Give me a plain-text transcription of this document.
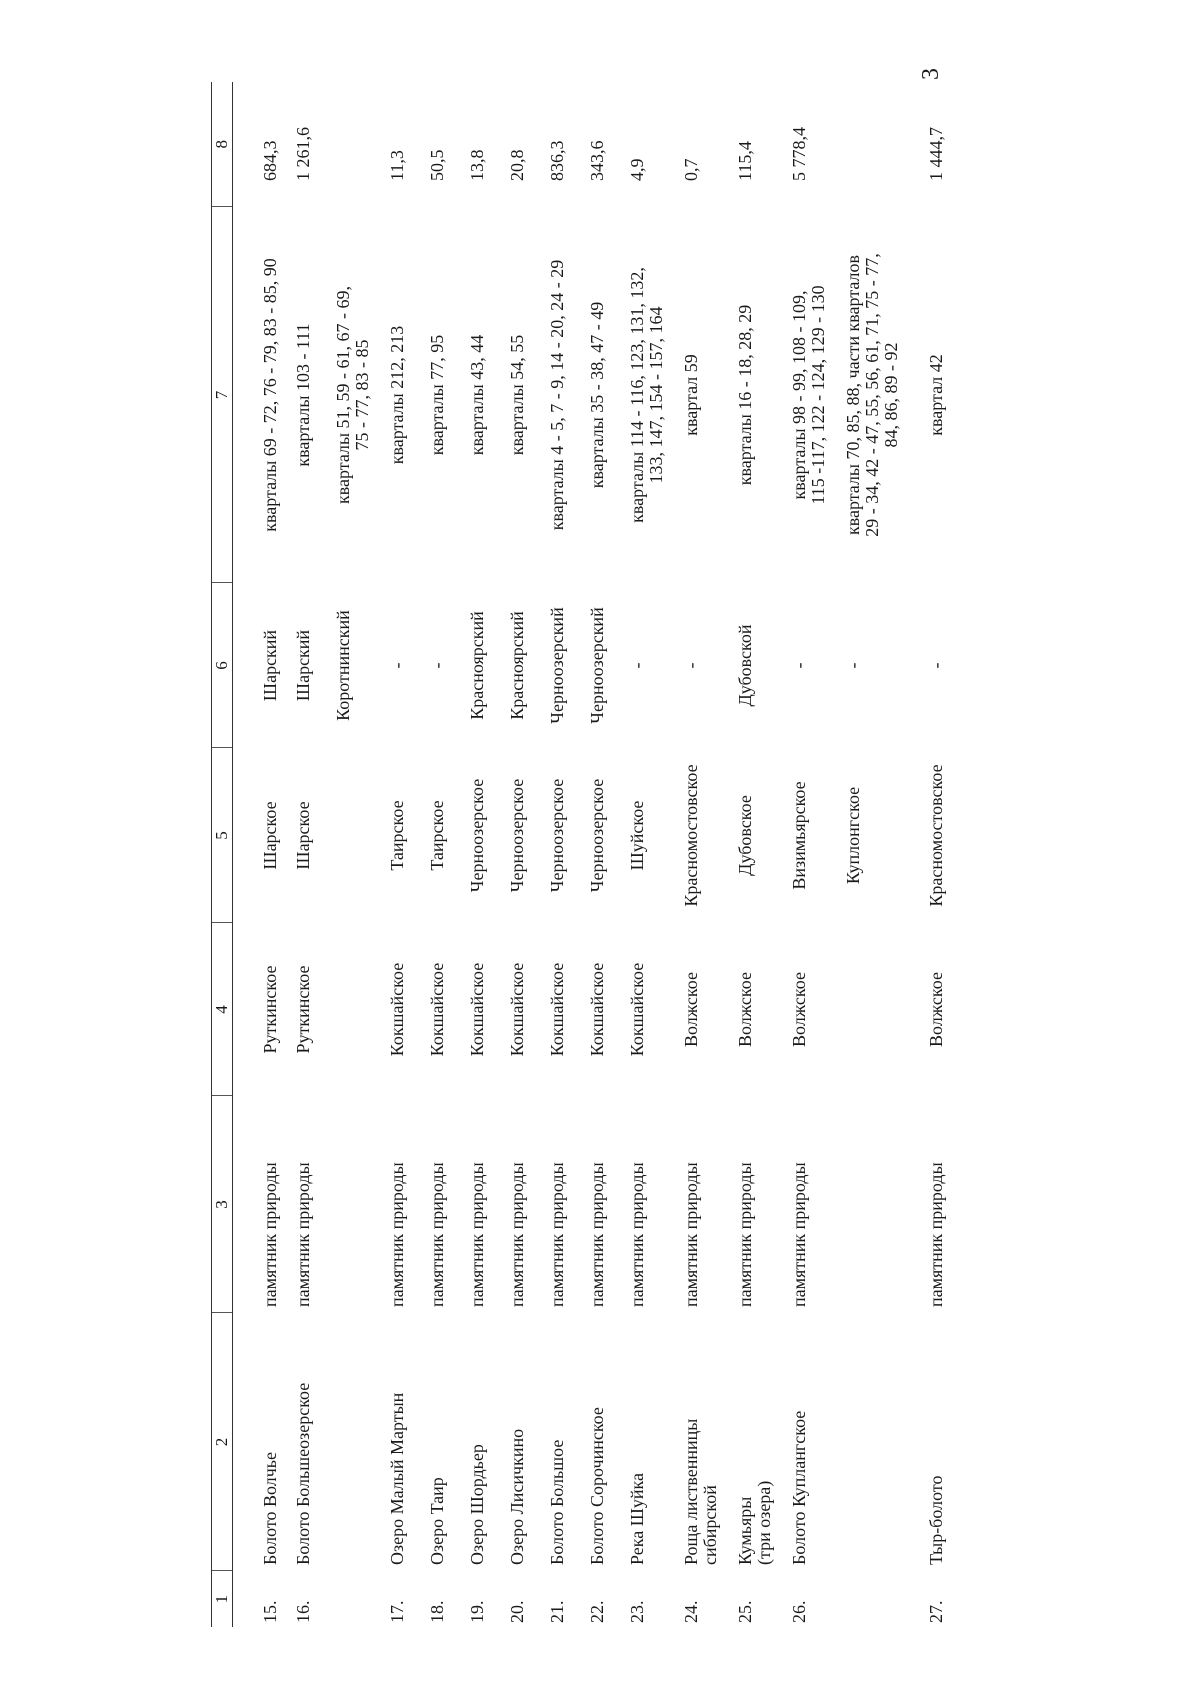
3
1	2	3	4	5	6	7	8
15.	Болото Волчье	памятник природы	Руткинское	Шарское	Шарский	кварталы 69 - 72, 76 - 79, 83 - 85, 90	684,3
16.	Болото Большеозерское	памятник природы	Руткинское	Шарское	Шарский	кварталы 103 - 111	1 261,6
					Коротнинский	кварталы 51, 59 - 61, 67 - 69,
75 - 77, 83 - 85	
17.	Озеро Малый Мартын	памятник природы	Кокшайское	Таирское	-	кварталы 212, 213	11,3
18.	Озеро Таир	памятник природы	Кокшайское	Таирское	-	кварталы 77, 95	50,5
19.	Озеро Шордьер	памятник природы	Кокшайское	Черноозерское	Красноярский	кварталы 43, 44	13,8
20.	Озеро Лисичкино	памятник природы	Кокшайское	Черноозерское	Красноярский	кварталы 54, 55	20,8
21.	Болото Большое	памятник природы	Кокшайское	Черноозерское	Черноозерский	кварталы 4 - 5, 7 - 9, 14 - 20, 24 - 29	836,3
22.	Болото Сорочинское	памятник природы	Кокшайское	Черноозерское	Черноозерский	кварталы 35 - 38, 47 - 49	343,6
23.	Река Шуйка	памятник природы	Кокшайское	Шуйское	-	кварталы 114 - 116, 123, 131, 132,
133, 147, 154 - 157, 164	4,9
24.	Роща лиственницы
сибирской	памятник природы	Волжское	Красномостовское	-	квартал 59	0,7
25.	Кумьяры
(три озера)	памятник природы	Волжское	Дубовское	Дубовской	кварталы 16 - 18, 28, 29	115,4
26.	Болото Куплангское	памятник природы	Волжское	Визимьярское	-	кварталы 98 - 99, 108 - 109,
115 -117, 122 - 124, 129 - 130	5 778,4
				Куплонгское	-	кварталы 70, 85, 88, части кварталов
29 - 34, 42 - 47, 55, 56, 61, 71, 75 - 77,
84, 86, 89 - 92	
27.	Тыр-болото	памятник природы	Волжское	Красномостовское	-	квартал 42	1 444,7
